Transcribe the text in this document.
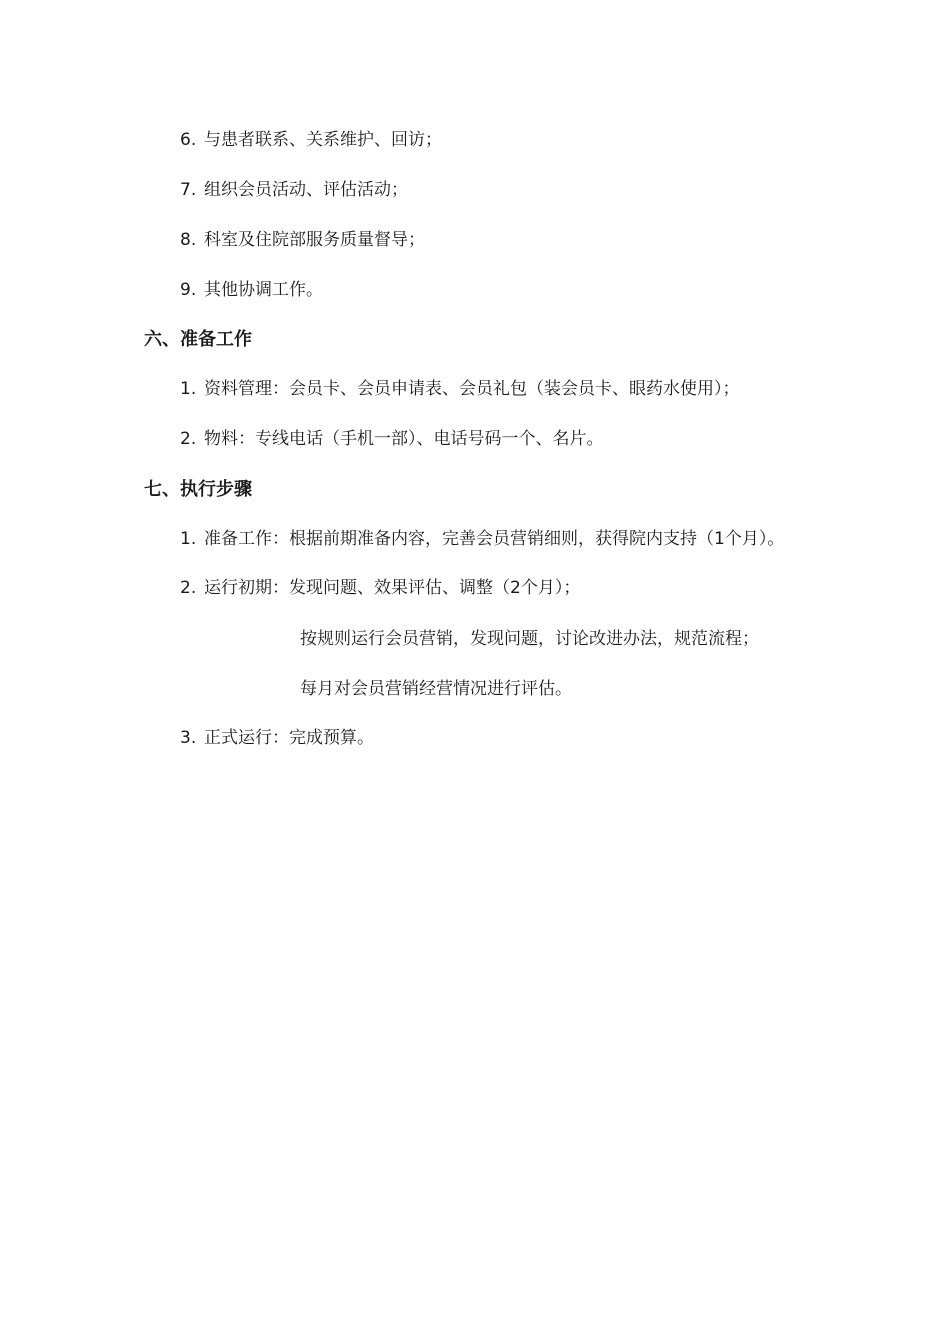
6. 与患者联系、关系维护、回访；
7. 组织会员活动、评估活动；
8. 科室及住院部服务质量督导；
9. 其他协调工作。
六、准备工作
1. 资料管理：会员卡、会员申请表、会员礼包（装会员卡、眼药水使用）；
2. 物料：专线电话（手机一部）、电话号码一个、名片。
七、执行步骤
1. 准备工作：根据前期准备内容，完善会员营销细则，获得院内支持（1个月）。
2. 运行初期：发现问题、效果评估、调整（2个月）；
按规则运行会员营销，发现问题，讨论改进办法，规范流程；
每月对会员营销经营情况进行评估。
3. 正式运行：完成预算。
